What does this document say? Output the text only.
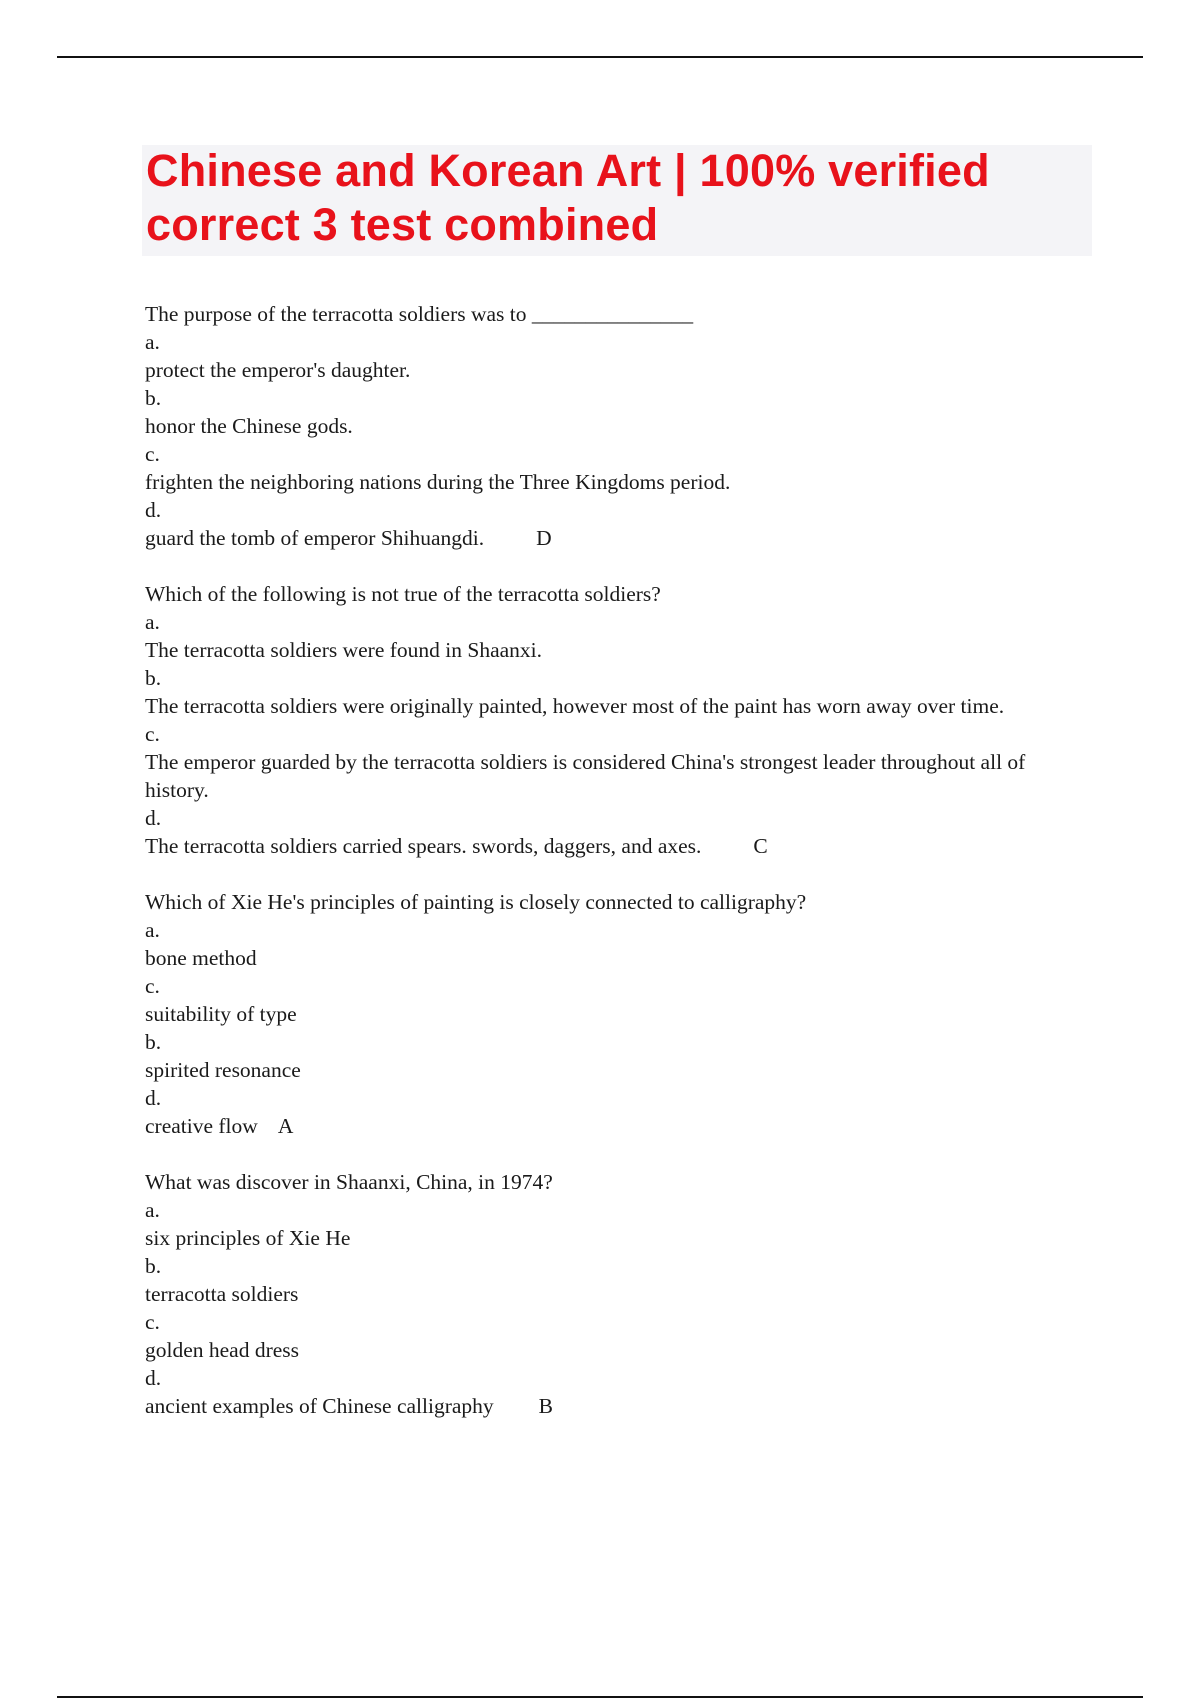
Chinese and Korean Art | 100% verified correct 3 test combined
The purpose of the terracotta soldiers was to _______________
a.
protect the emperor's daughter.
b.
honor the Chinese gods.
c.
frighten the neighboring nations during the Three Kingdoms period.
d.
guard the tomb of emperor Shihuangdi. D
Which of the following is not true of the terracotta soldiers?
a.
The terracotta soldiers were found in Shaanxi.
b.
The terracotta soldiers were originally painted, however most of the paint has worn away over time.
c.
The emperor guarded by the terracotta soldiers is considered China's strongest leader throughout all of history.
d.
The terracotta soldiers carried spears. swords, daggers, and axes. C
Which of Xie He's principles of painting is closely connected to calligraphy?
a.
bone method
c.
suitability of type
b.
spirited resonance
d.
creative flow A
What was discover in Shaanxi, China, in 1974?
a.
six principles of Xie He
b.
terracotta soldiers
c.
golden head dress
d.
ancient examples of Chinese calligraphy B
